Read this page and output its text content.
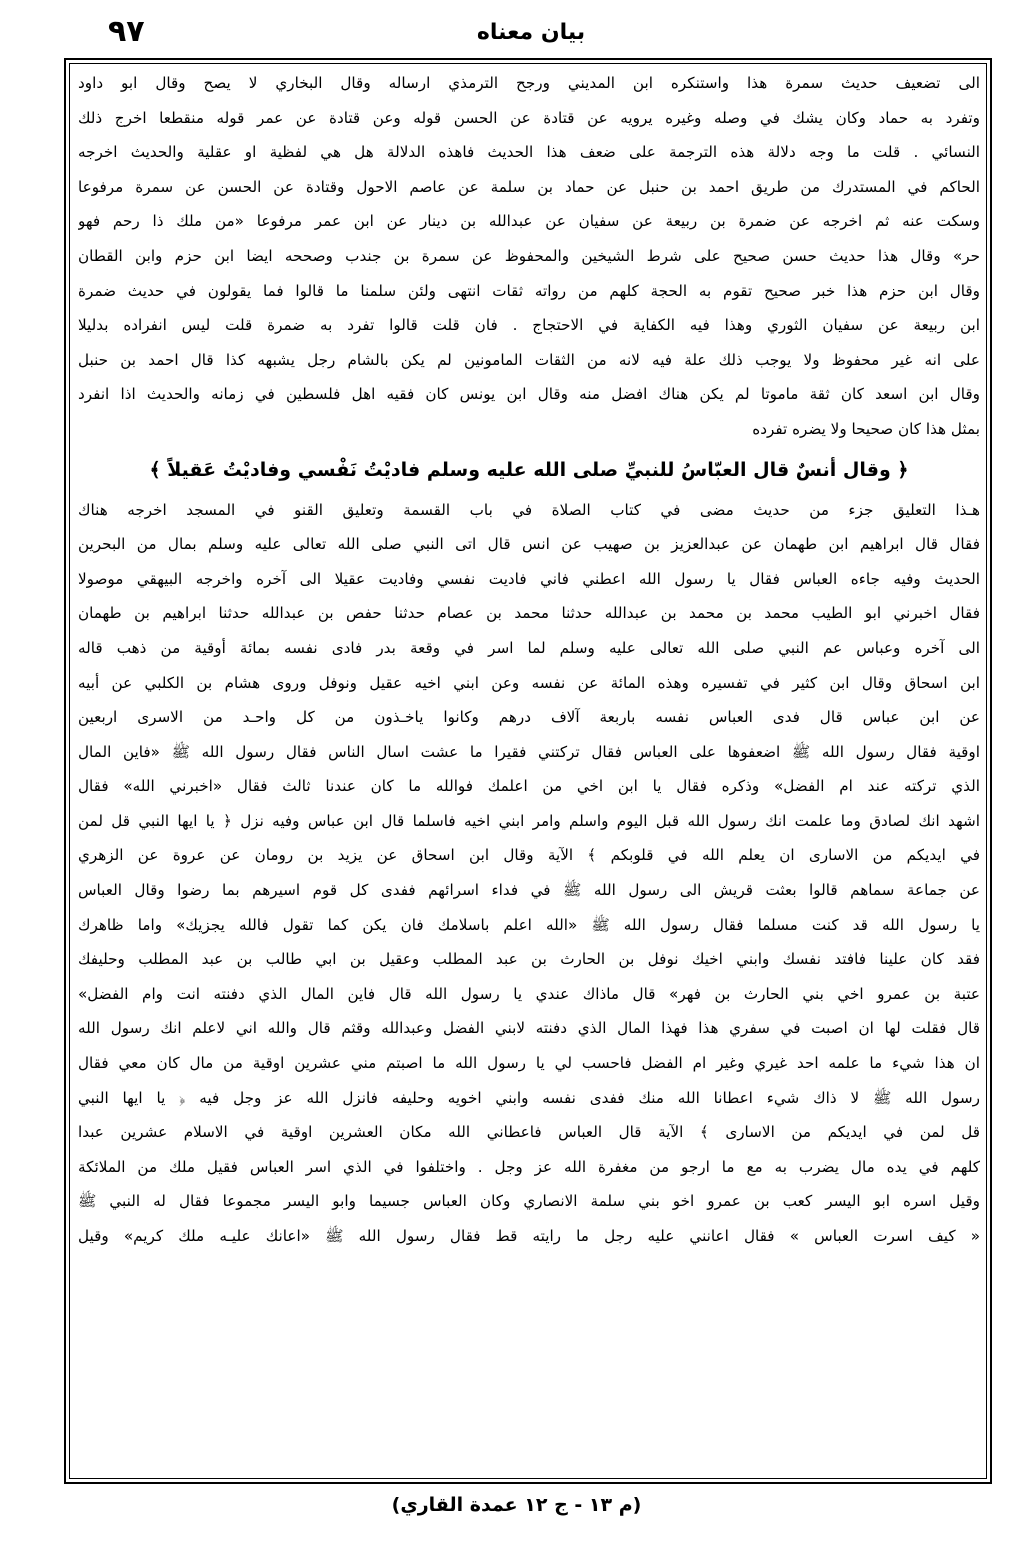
٩٧	بيان معناه
الى تضعيف حديث سمرة هذا واستنكره ابن المديني ورجح الترمذي ارساله وقال البخاري لا يصح وقال ابو داود
وتفرد به حماد وكان يشك في وصله وغيره يرويه عن قتادة عن الحسن قوله وعن قتادة عن عمر قوله منقطعا اخرج ذلك
النسائي . قلت ما وجه دلالة هذه الترجمة على ضعف هذا الحديث فاهذه الدلالة هل هي لفظية او عقلية والحديث اخرجه
الحاكم في المستدرك من طريق احمد بن حنبل عن حماد بن سلمة عن عاصم الاحول وقتادة عن الحسن عن سمرة مرفوعا
وسكت عنه ثم اخرجه عن ضمرة بن ربيعة عن سفيان عن عبدالله بن دينار عن ابن عمر مرفوعا «من ملك ذا رحم فهو
حر» وقال هذا حديث حسن صحيح على شرط الشيخين والمحفوظ عن سمرة بن جندب وصححه ايضا ابن حزم وابن القطان
وقال ابن حزم هذا خبر صحيح تقوم به الحجة كلهم من رواته ثقات انتهى ولئن سلمنا ما قالوا فما يقولون في حديث ضمرة
ابن ربيعة عن سفيان الثوري وهذا فيه الكفاية في الاحتجاج . فان قلت قالوا تفرد به ضمرة قلت ليس انفراده بدليلا
على انه غير محفوظ ولا يوجب ذلك علة فيه لانه من الثقات المامونين لم يكن بالشام رجل يشبهه كذا قال احمد بن حنبل
وقال ابن اسعد كان ثقة ماموتا لم يكن هناك افضل منه وقال ابن يونس كان فقيه اهل فلسطين في زمانه والحديث اذا انفرد
بمثل هذا كان صحيحا ولا يضره تفرده
﴿ وقال أنسٌ قال العبّاسُ للنبيِّ صلى الله عليه وسلم فاديْتُ نَفْسي وفاديْتُ عَقيلاً ﴾
هـذا التعليق جزء من حديث مضى في كتاب الصلاة في باب القسمة وتعليق القنو في المسجد اخرجه هناك
فقال قال ابراهيم ابن طهمان عن عبدالعزيز بن صهيب عن انس قال اتى النبي صلى الله تعالى عليه وسلم بمال من البحرين
الحديث وفيه جاءه العباس فقال يا رسول الله اعطني فاني فاديت نفسي وفاديت عقيلا الى آخره واخرجه البيهقي موصولا
فقال اخبرني ابو الطيب محمد بن محمد بن عبدالله حدثنا محمد بن عصام حدثنا حفص بن عبدالله حدثنا ابراهيم بن طهمان
الى آخره وعباس عم النبي صلى الله تعالى عليه وسلم لما اسر في وقعة بدر فادى نفسه بمائة أوقية من ذهب قاله
ابن اسحاق وقال ابن كثير في تفسيره وهذه المائة عن نفسه وعن ابني اخيه عقيل ونوفل وروى هشام بن الكلبي عن أبيه
عن ابن عباس قال فدى العباس نفسه باربعة آلاف درهم وكانوا ياخـذون من كل واحـد من الاسرى اربعين
اوقية فقال رسول الله ﷺ اضعفوها على العباس فقال تركتني فقيرا ما عشت اسال الناس فقال رسول الله ﷺ «فاين المال
الذي تركته عند ام الفضل» وذكره فقال يا ابن اخي من اعلمك فوالله ما كان عندنا ثالث فقال «اخبرني الله» فقال
اشهد انك لصادق وما علمت انك رسول الله قبل اليوم واسلم وامر ابني اخيه فاسلما قال ابن عباس وفيه نزل ﴿ يا ايها النبي قل لمن
في ايديكم من الاسارى ان يعلم الله في قلوبكم ﴾ الآية وقال ابن اسحاق عن يزيد بن رومان عن عروة عن الزهري
عن جماعة سماهم قالوا بعثت قريش الى رسول الله ﷺ في فداء اسرائهم ففدى كل قوم اسيرهم بما رضوا وقال العباس
يا رسول الله قد كنت مسلما فقال رسول الله ﷺ «الله اعلم باسلامك فان يكن كما تقول فالله يجزيك» واما ظاهرك
فقد كان علينا فافتد نفسك وابني اخيك نوفل بن الحارث بن عبد المطلب وعقيل بن ابي طالب بن عبد المطلب وحليفك
عتبة بن عمرو اخي بني الحارث بن فهر» قال ماذاك عندي يا رسول الله قال فاين المال الذي دفنته انت وام الفضل»
قال فقلت لها ان اصبت في سفري هذا فهذا المال الذي دفنته لابني الفضل وعبدالله وقثم قال والله اني لاعلم انك رسول الله
ان هذا شيء ما علمه احد غيري وغير ام الفضل فاحسب لي يا رسول الله ما اصبتم مني عشرين اوقية من مال كان معي فقال
رسول الله ﷺ لا ذاك شيء اعطانا الله منك ففدى نفسه وابني اخويه وحليفه فانزل الله عز وجل فيه ﴿ يا ايها النبي
قل لمن في ايديكم من الاسارى ﴾ الآية قال العباس فاعطاني الله مكان العشرين اوقية في الاسلام عشرين عبدا
كلهم في يده مال يضرب به مع ما ارجو من مغفرة الله عز وجل . واختلفوا في الذي اسر العباس فقيل ملك من الملائكة
وقيل اسره ابو اليسر كعب بن عمرو اخو بني سلمة الانصاري وكان العباس جسيما وابو اليسر مجموعا فقال له النبي ﷺ
« كيف اسرت العباس » فقال اعانني عليه رجل ما رايته قط فقال رسول الله ﷺ «اعانك عليـه ملك كريم» وقيل
(م ١٣ - ج ١٢ عمدة القاري)
